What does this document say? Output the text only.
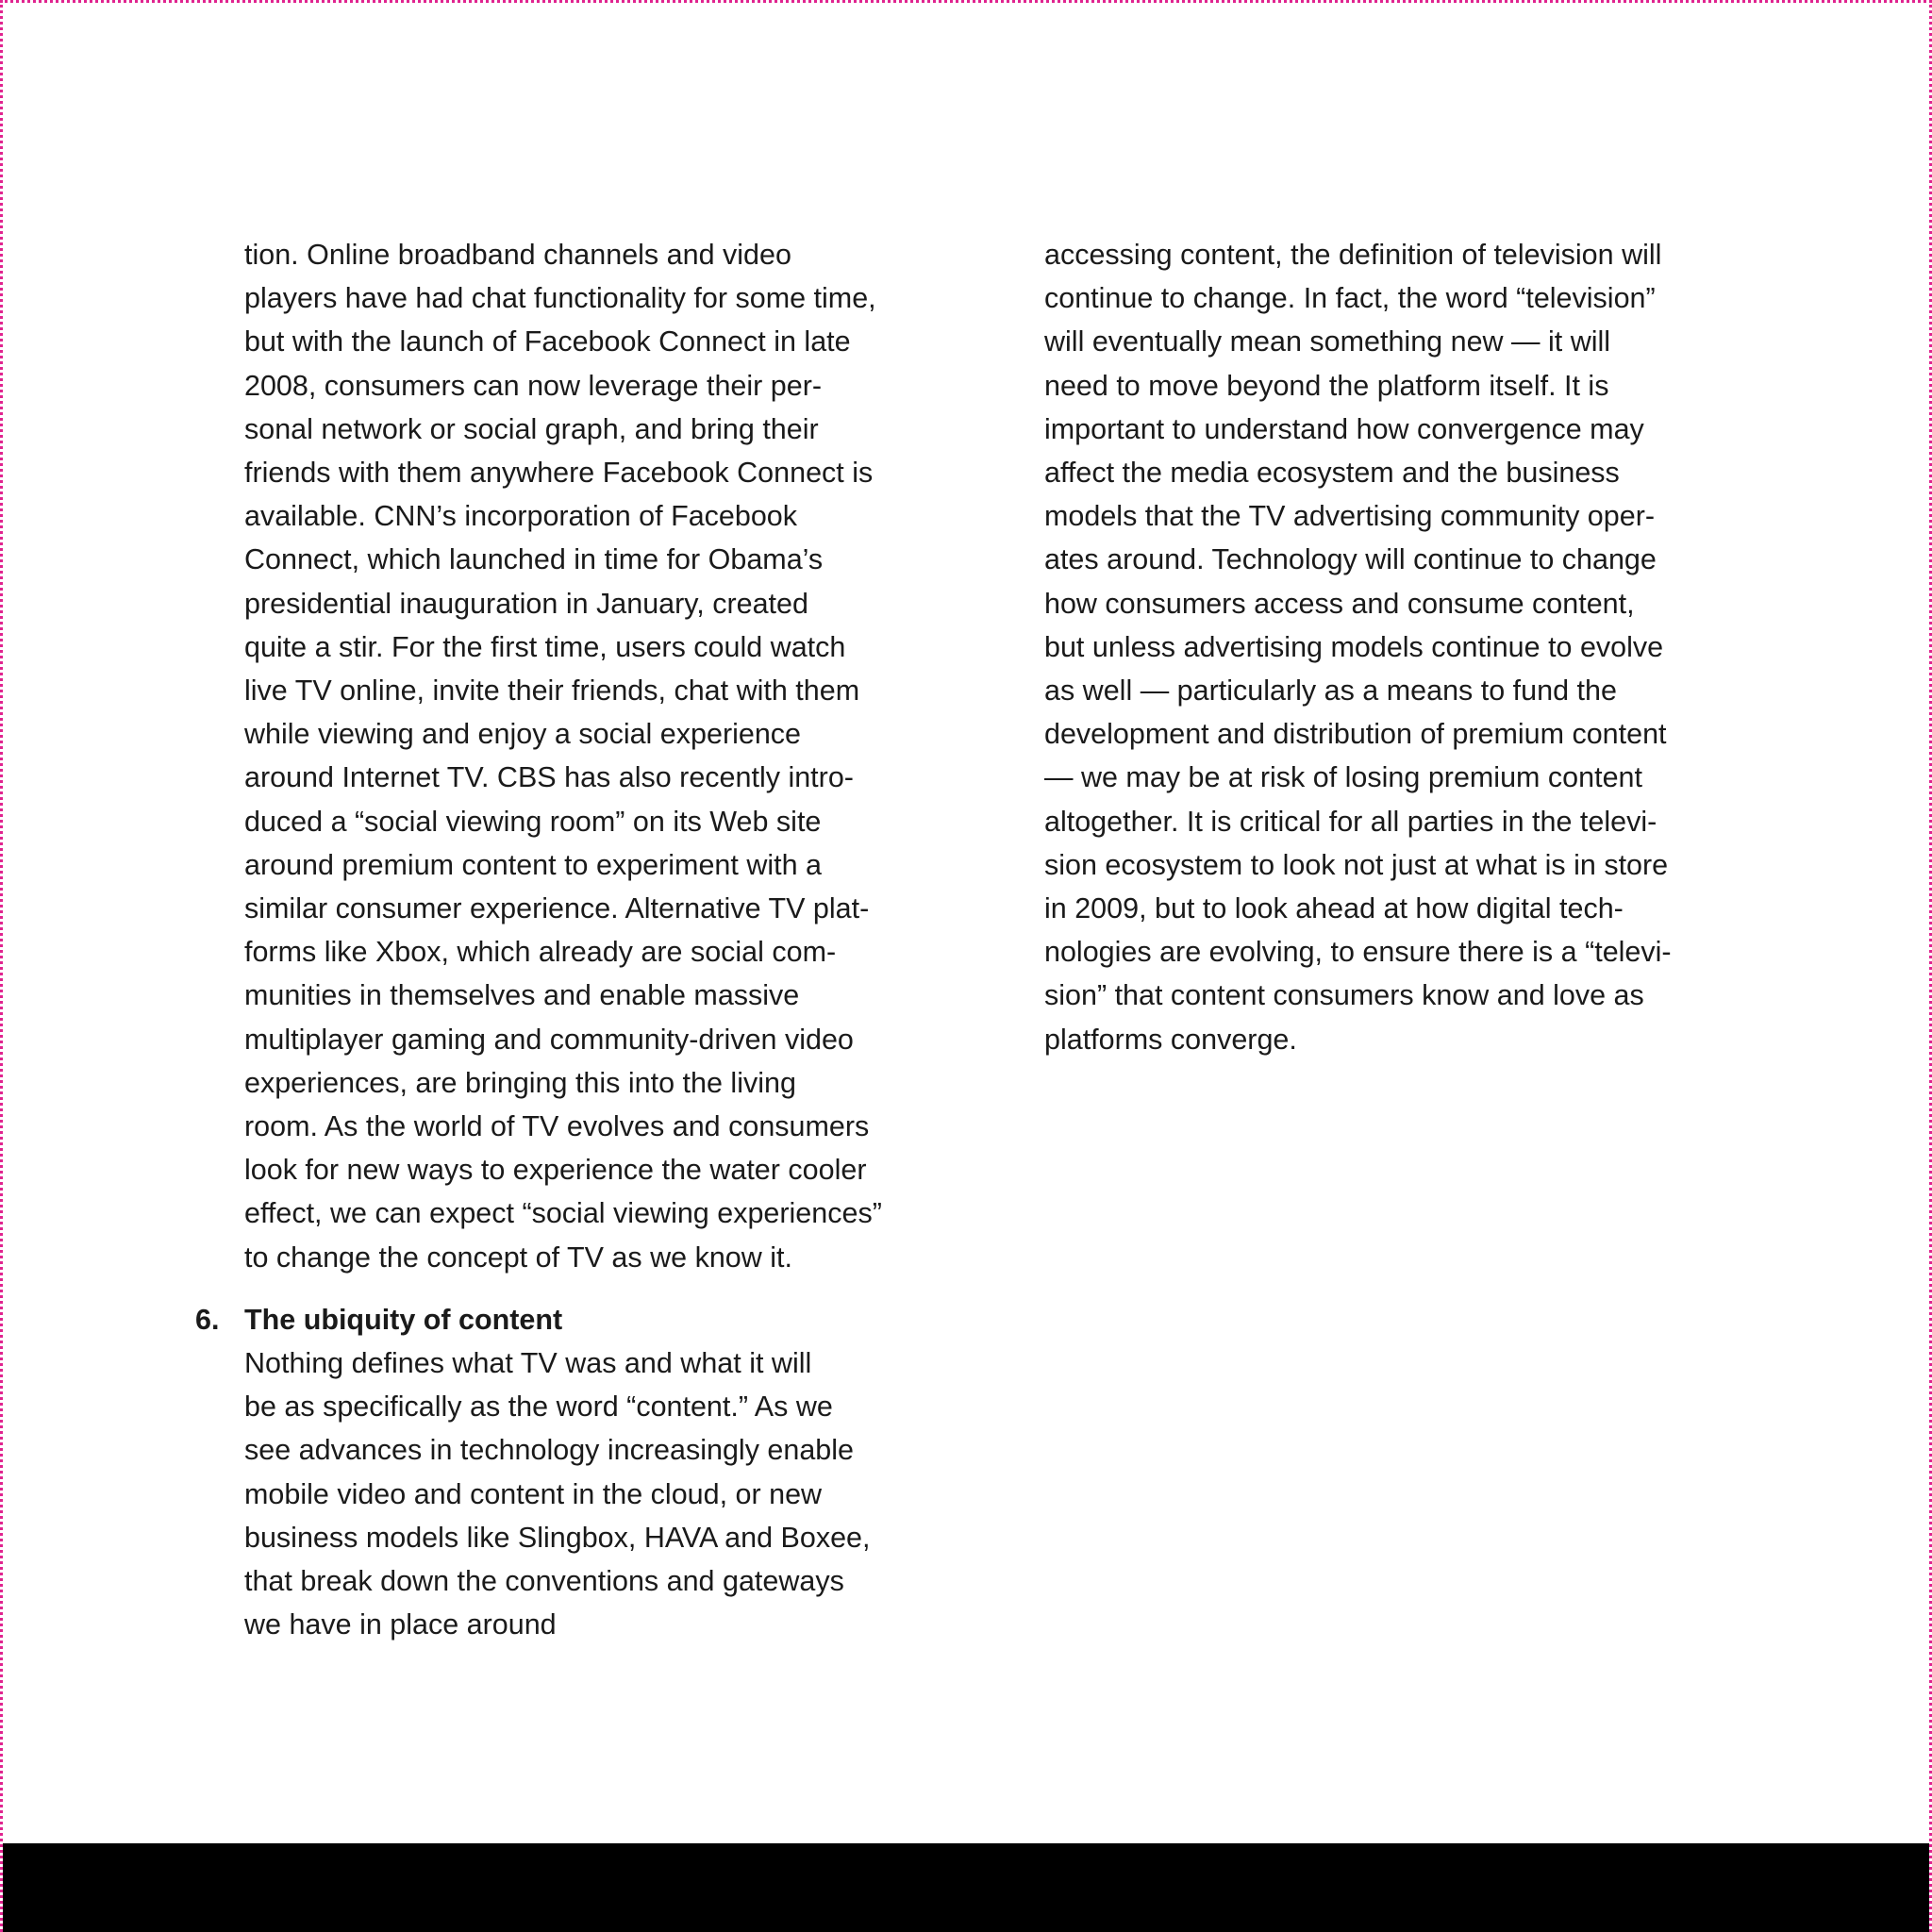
tion. Online broadband channels and video
players have had chat functionality for some time,
but with the launch of Facebook Connect in late
2008, consumers can now leverage their per-
sonal network or social graph, and bring their
friends with them anywhere Facebook Connect is
available. CNN’s incorporation of Facebook
Connect, which launched in time for Obama’s
presidential inauguration in January, created
quite a stir. For the first time, users could watch
live TV online, invite their friends, chat with them
while viewing and enjoy a social experience
around Internet TV. CBS has also recently intro-
duced a “social viewing room” on its Web site
around premium content to experiment with a
similar consumer experience. Alternative TV plat-
forms like Xbox, which already are social com-
munities in themselves and enable massive
multiplayer gaming and community-driven video
experiences, are bringing this into the living
room. As the world of TV evolves and consumers
look for new ways to experience the water cooler
effect, we can expect “social viewing experiences”
to change the concept of TV as we know it.
6. The ubiquity of content
Nothing defines what TV was and what it will
be as specifically as the word “content.” As we
see advances in technology increasingly enable
mobile video and content in the cloud, or new
business models like Slingbox, HAVA and Boxee,
that break down the conventions and gateways
we have in place around
accessing content, the definition of television will
continue to change. In fact, the word “television”
will eventually mean something new — it will
need to move beyond the platform itself. It is
important to understand how convergence may
affect the media ecosystem and the business
models that the TV advertising community oper-
ates around. Technology will continue to change
how consumers access and consume content,
but unless advertising models continue to evolve
as well — particularly as a means to fund the
development and distribution of premium content
— we may be at risk of losing premium content
altogether. It is critical for all parties in the televi-
sion ecosystem to look not just at what is in store
in 2009, but to look ahead at how digital tech-
nologies are evolving, to ensure there is a “televi-
sion” that content consumers know and love as
platforms converge.
